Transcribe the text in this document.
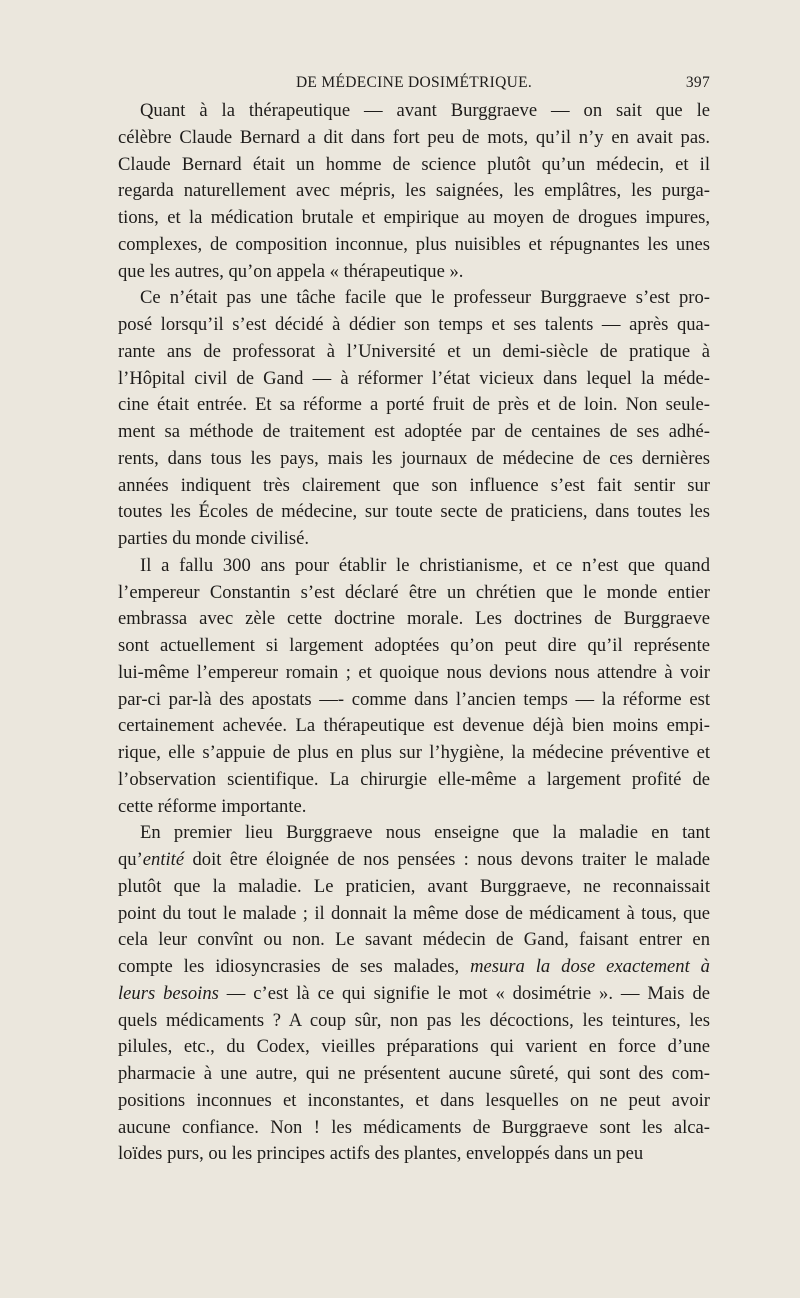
DE MÉDECINE DOSIMÉTRIQUE.	397

Quant à la thérapeutique — avant Burggraeve — on sait que le
célèbre Claude Bernard a dit dans fort peu de mots, qu’il n’y en avait pas.
Claude Bernard était un homme de science plutôt qu’un médecin, et il
regarda naturellement avec mépris, les saignées, les emplâtres, les purga-
tions, et la médication brutale et empirique au moyen de drogues impures,
complexes, de composition inconnue, plus nuisibles et répugnantes les unes
que les autres, qu’on appela « thérapeutique ».

Ce n’était pas une tâche facile que le professeur Burggraeve s’est pro-
posé lorsqu’il s’est décidé à dédier son temps et ses talents — après qua-
rante ans de professorat à l’Université et un demi-siècle de pratique à
l’Hôpital civil de Gand — à réformer l’état vicieux dans lequel la méde-
cine était entrée. Et sa réforme a porté fruit de près et de loin. Non seule-
ment sa méthode de traitement est adoptée par de centaines de ses adhé-
rents, dans tous les pays, mais les journaux de médecine de ces dernières
années indiquent très clairement que son influence s’est fait sentir sur
toutes les Écoles de médecine, sur toute secte de praticiens, dans toutes les
parties du monde civilisé.

Il a fallu 300 ans pour établir le christianisme, et ce n’est que quand
l’empereur Constantin s’est déclaré être un chrétien que le monde entier
embrassa avec zèle cette doctrine morale. Les doctrines de Burggraeve
sont actuellement si largement adoptées qu’on peut dire qu’il représente
lui-même l’empereur romain ; et quoique nous devions nous attendre à voir
par-ci par-là des apostats —- comme dans l’ancien temps — la réforme est
certainement achevée. La thérapeutique est devenue déjà bien moins empi-
rique, elle s’appuie de plus en plus sur l’hygiène, la médecine préventive et
l’observation scientifique. La chirurgie elle-même a largement profité de
cette réforme importante.

En premier lieu Burggraeve nous enseigne que la maladie en tant
qu’entité doit être éloignée de nos pensées : nous devons traiter le malade
plutôt que la maladie. Le praticien, avant Burggraeve, ne reconnaissait
point du tout le malade ; il donnait la même dose de médicament à tous, que
cela leur convînt ou non. Le savant médecin de Gand, faisant entrer en
compte les idiosyncrasies de ses malades, mesura la dose exactement à
leurs besoins — c’est là ce qui signifie le mot « dosimétrie ». — Mais de
quels médicaments ? A coup sûr, non pas les décoctions, les teintures, les
pilules, etc., du Codex, vieilles préparations qui varient en force d’une
pharmacie à une autre, qui ne présentent aucune sûreté, qui sont des com-
positions inconnues et inconstantes, et dans lesquelles on ne peut avoir
aucune confiance. Non ! les médicaments de Burggraeve sont les alca-
loïdes purs, ou les principes actifs des plantes, enveloppés dans un peu
